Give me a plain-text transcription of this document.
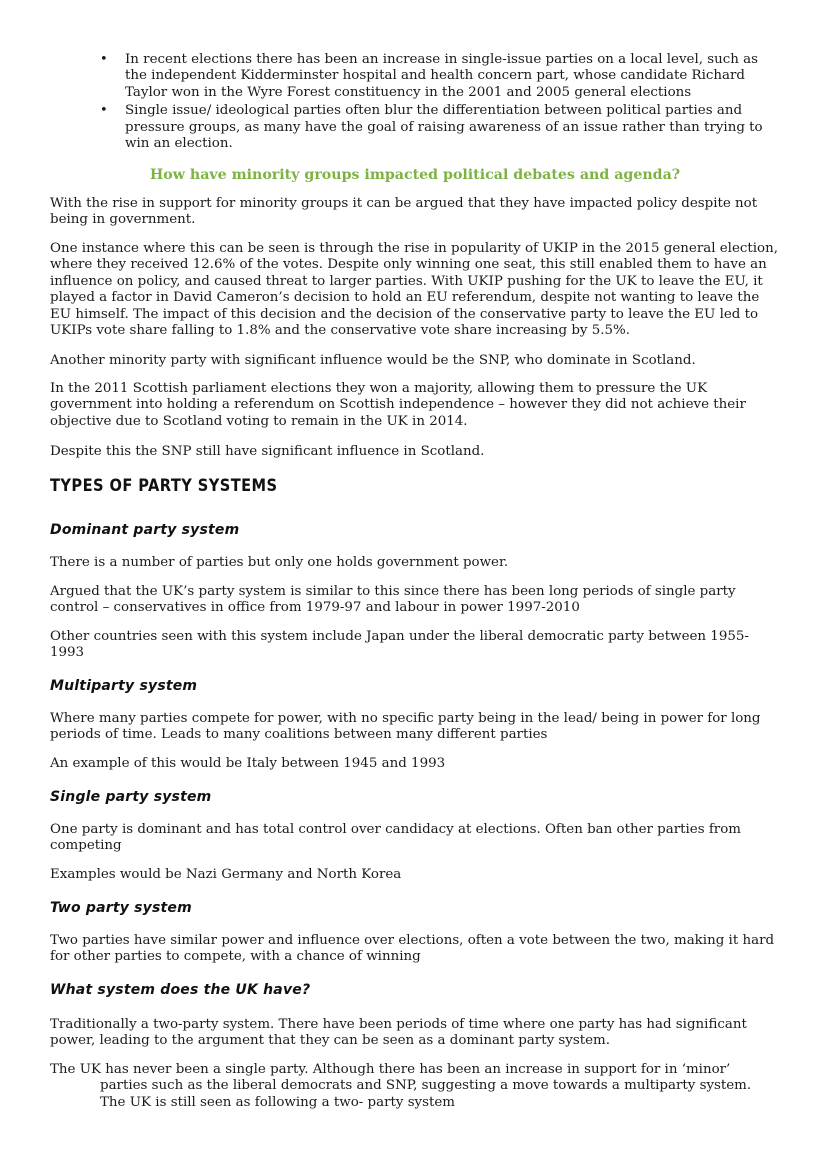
• In recent elections there has been an increase in single-issue parties on a local level, such as the independent Kidderminster hospital and health concern part, whose candidate Richard Taylor won in the Wyre Forest constituency in the 2001 and 2005 general elections
• Single issue/ ideological parties often blur the differentiation between political parties and pressure groups, as many have the goal of raising awareness of an issue rather than trying to win an election.

How have minority groups impacted political debates and agenda?

With the rise in support for minority groups it can be argued that they have impacted policy despite not being in government.

One instance where this can be seen is through the rise in popularity of UKIP in the 2015 general election, where they received 12.6% of the votes. Despite only winning one seat, this still enabled them to have an influence on policy, and caused threat to larger parties. With UKIP pushing for the UK to leave the EU, it played a factor in David Cameron’s decision to hold an EU referendum, despite not wanting to leave the EU himself. The impact of this decision and the decision of the conservative party to leave the EU led to UKIPs vote share falling to 1.8% and the conservative vote share increasing by 5.5%.

Another minority party with significant influence would be the SNP, who dominate in Scotland.

In the 2011 Scottish parliament elections they won a majority, allowing them to pressure the UK government into holding a referendum on Scottish independence – however they did not achieve their objective due to Scotland voting to remain in the UK in 2014.

Despite this the SNP still have significant influence in Scotland.

TYPES OF PARTY SYSTEMS
Dominant party system

There is a number of parties but only one holds government power.

Argued that the UK’s party system is similar to this since there has been long periods of single party control – conservatives in office from 1979-97 and labour in power 1997-2010

Other countries seen with this system include Japan under the liberal democratic party between 1955-1993

Multiparty system

Where many parties compete for power, with no specific party being in the lead/ being in power for long periods of time. Leads to many coalitions between many different parties

An example of this would be Italy between 1945 and 1993

Single party system

One party is dominant and has total control over candidacy at elections. Often ban other parties from competing

Examples would be Nazi Germany and North Korea

Two party system

Two parties have similar power and influence over elections, often a vote between the two, making it hard for other parties to compete, with a chance of winning

What system does the UK have?

Traditionally a two-party system. There have been periods of time where one party has had significant power, leading to the argument that they can be seen as a dominant party system.

The UK has never been a single party. Although there has been an increase in support for in ‘minor’
parties such as the liberal democrats and SNP, suggesting a move towards a multiparty system. The UK is still seen as following a two- party system
